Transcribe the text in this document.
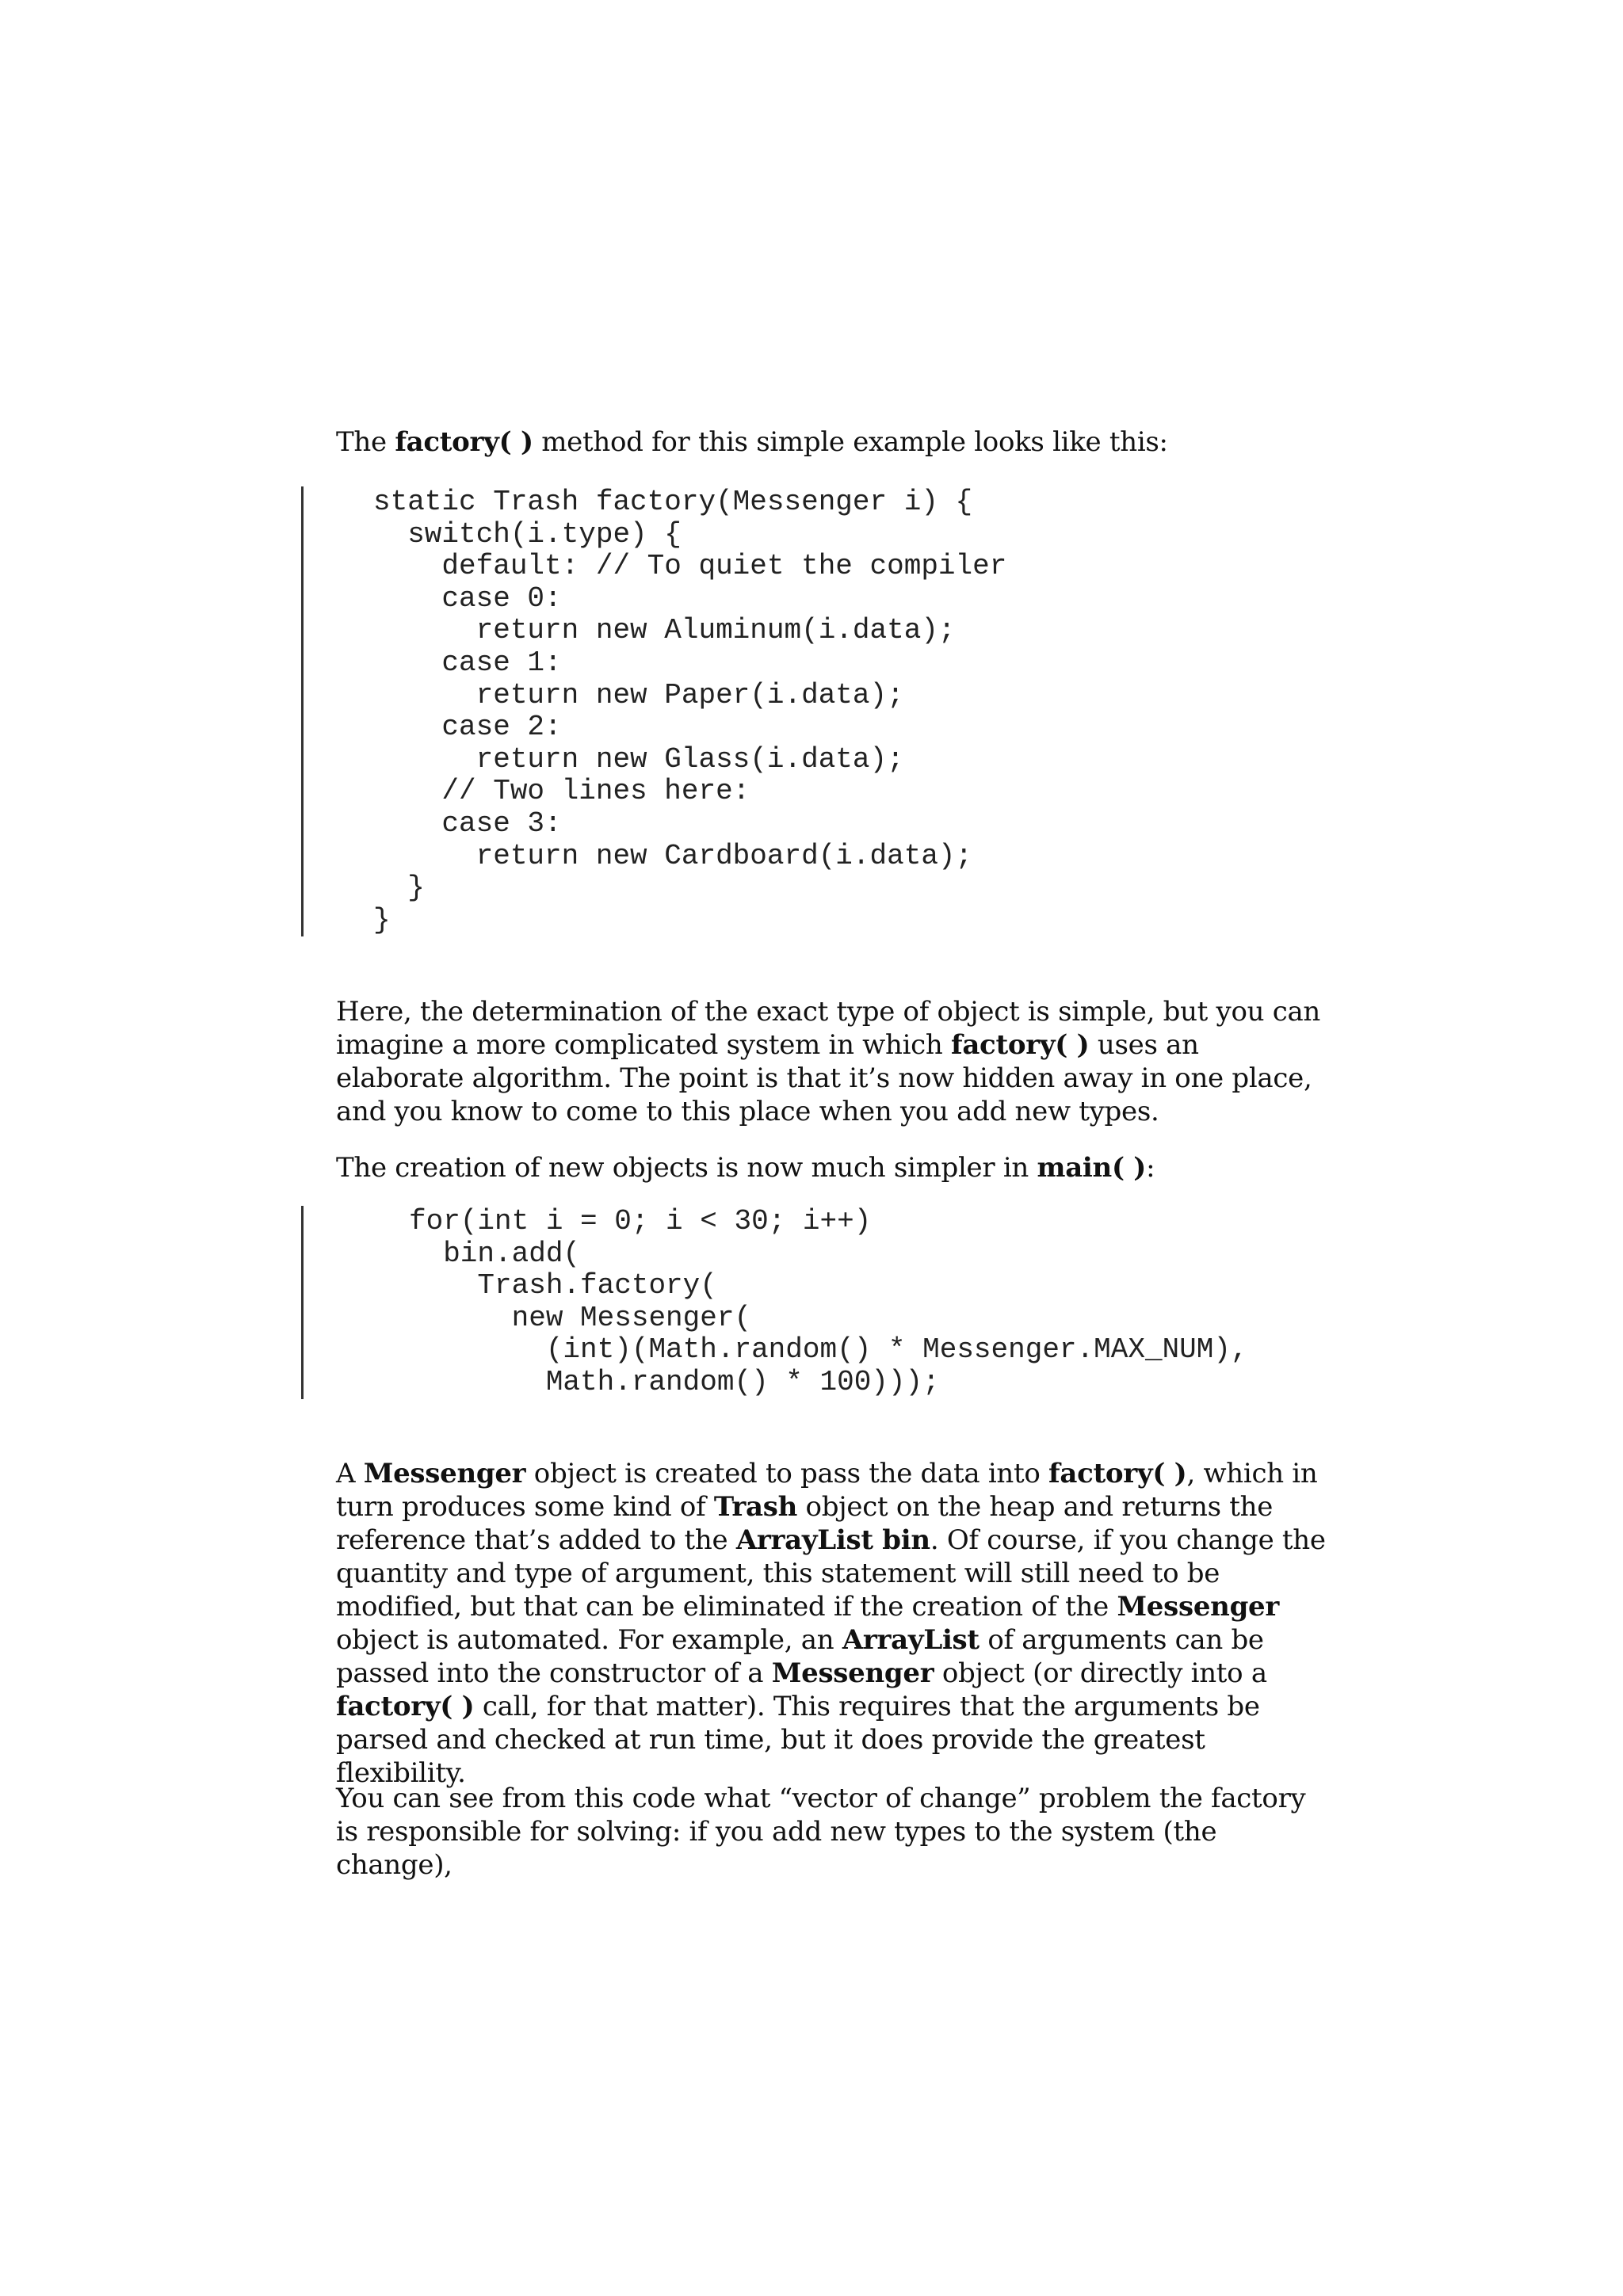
The factory( ) method for this simple example looks like this:

static Trash factory(Messenger i) {
switch(i.type) {
default: // To quiet the compiler
case 0:
return new Aluminum(i.data);
case 1:
return new Paper(i.data);
case 2:
return new Glass(i.data);
// Two lines here:
case 3:
return new Cardboard(i.data);
}
}

Here, the determination of the exact type of object is simple, but you can imagine a more complicated system in which factory( ) uses an elaborate algorithm. The point is that it’s now hidden away in one place, and you know to come to this place when you add new types.

The creation of new objects is now much simpler in main( ):

for(int i = 0; i < 30; i++)
bin.add(
Trash.factory(
new Messenger(
(int)(Math.random() * Messenger.MAX_NUM),
Math.random() * 100)));

A Messenger object is created to pass the data into factory( ), which in turn produces some kind of Trash object on the heap and returns the reference that’s added to the ArrayList bin. Of course, if you change the quantity and type of argument, this statement will still need to be modified, but that can be eliminated if the creation of the Messenger object is automated. For example, an ArrayList of arguments can be passed into the constructor of a Messenger object (or directly into a factory( ) call, for that matter). This requires that the arguments be parsed and checked at run time, but it does provide the greatest flexibility.

You can see from this code what “vector of change” problem the factory is responsible for solving: if you add new types to the system (the change),
